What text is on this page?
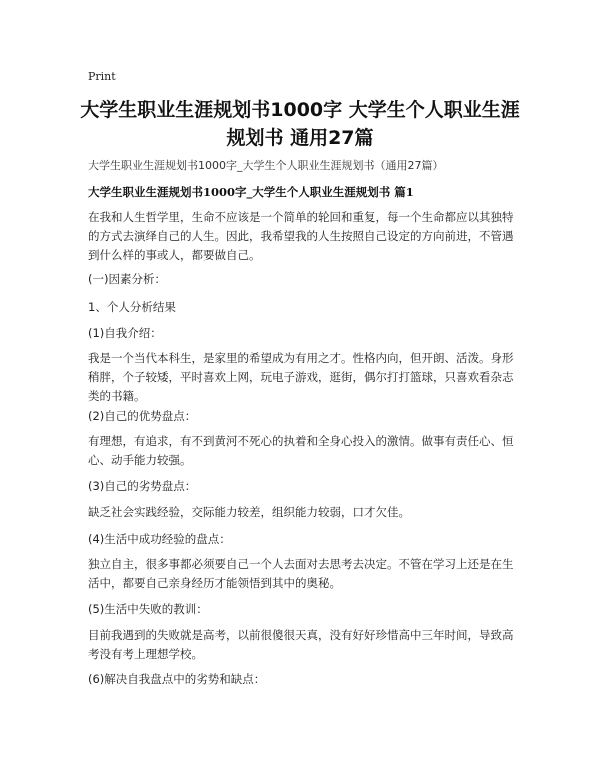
Print
大学生职业生涯规划书1000字 大学生个人职业生涯规划书 通用27篇
大学生职业生涯规划书1000字_大学生个人职业生涯规划书（通用27篇）
大学生职业生涯规划书1000字_大学生个人职业生涯规划书 篇1
在我和人生哲学里，生命不应该是一个简单的轮回和重复，每一个生命都应以其独特的方式去演绎自己的人生。因此，我希望我的人生按照自己设定的方向前进，不管遇到什么样的事或人，都要做自己。
(一)因素分析：
1、个人分析结果
(1)自我介绍：
我是一个当代本科生，是家里的希望成为有用之才。性格内向，但开朗、活泼。身形稍胖，个子较矮，平时喜欢上网，玩电子游戏，逛街，偶尔打打篮球，只喜欢看杂志类的书籍。
(2)自己的优势盘点：
有理想，有追求，有不到黄河不死心的执着和全身心投入的激情。做事有责任心、恒心、动手能力较强。
(3)自己的劣势盘点：
缺乏社会实践经验，交际能力较差，组织能力较弱，口才欠佳。
(4)生活中成功经验的盘点：
独立自主，很多事都必须要自己一个人去面对去思考去决定。不管在学习上还是在生活中，都要自己亲身经历才能领悟到其中的奥秘。
(5)生活中失败的教训：
目前我遇到的失败就是高考，以前很傻很天真，没有好好珍惜高中三年时间，导致高考没有考上理想学校。
(6)解决自我盘点中的劣势和缺点：
